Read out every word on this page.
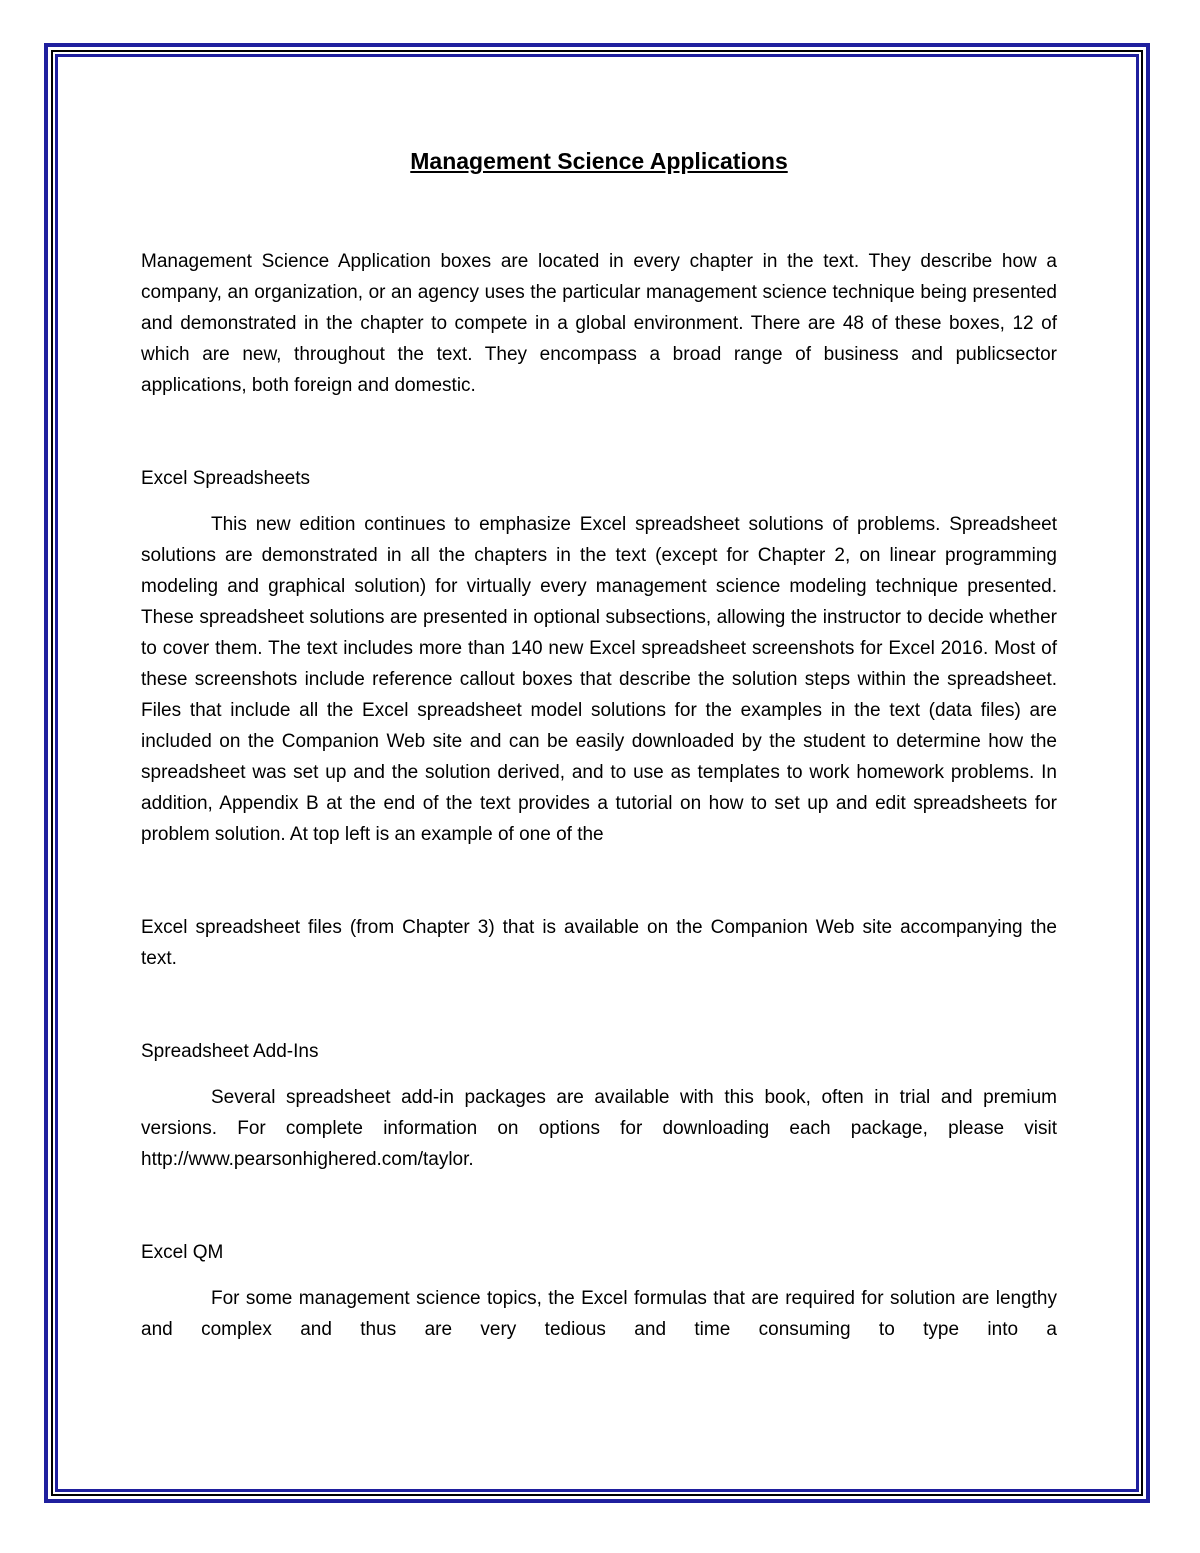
Management Science Applications

Management Science Application boxes are located in every chapter in the text. They describe how a company, an organization, or an agency uses the particular management science technique being presented and demonstrated in the chapter to compete in a global environment. There are 48 of these boxes, 12 of which are new, throughout the text. They encompass a broad range of business and publicsector applications, both foreign and domestic.

Excel Spreadsheets

This new edition continues to emphasize Excel spreadsheet solutions of problems. Spreadsheet solutions are demonstrated in all the chapters in the text (except for Chapter 2, on linear programming modeling and graphical solution) for virtually every management science modeling technique presented. These spreadsheet solutions are presented in optional subsections, allowing the instructor to decide whether to cover them. The text includes more than 140 new Excel spreadsheet screenshots for Excel 2016. Most of these screenshots include reference callout boxes that describe the solution steps within the spreadsheet. Files that include all the Excel spreadsheet model solutions for the examples in the text (data files) are included on the Companion Web site and can be easily downloaded by the student to determine how the spreadsheet was set up and the solution derived, and to use as templates to work homework problems. In addition, Appendix B at the end of the text provides a tutorial on how to set up and edit spreadsheets for problem solution. At top left is an example of one of the

Excel spreadsheet files (from Chapter 3) that is available on the Companion Web site accompanying the text.

Spreadsheet Add-Ins

Several spreadsheet add-in packages are available with this book, often in trial and premium versions. For complete information on options for downloading each package, please visit http://www.pearsonhighered.com/taylor.

Excel QM

For some management science topics, the Excel formulas that are required for solution are lengthy and complex and thus are very tedious and time consuming to type into a
